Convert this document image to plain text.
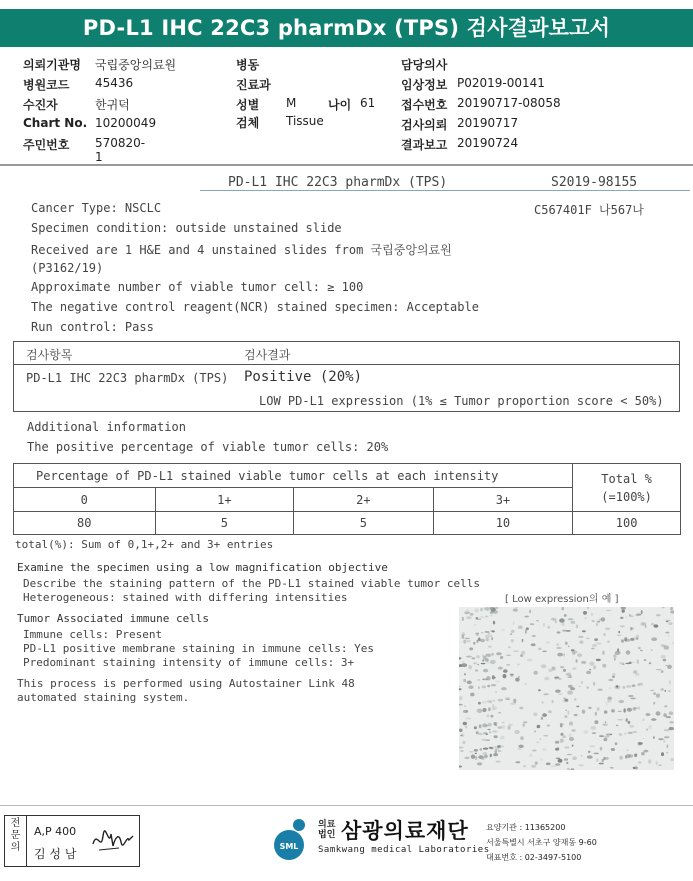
PD-L1 IHC 22C3 pharmDx (TPS) 검사결과보고서
의뢰기관명	국립중앙의료원
병원코드	45436
수진자	한귀덕
Chart No. 10200049
주민번호	570820-1
병동
진료과
성별 M	나이 61
검체 Tissue
담당의사
임상정보 P02019-00141
접수번호 20190717-08058
검사의뢰 20190717
결과보고 20190724
PD-L1 IHC 22C3 pharmDx (TPS)	S2019-98155
C567401F 나567나
Cancer Type: NSCLC
Specimen condition: outside unstained slide
Received are 1 H&E and 4 unstained slides from 국립중앙의료원
(P3162/19)
Approximate number of viable tumor cell: ≥ 100
The negative control reagent(NCR) stained specimen: Acceptable
Run control: Pass
검사항목	검사결과
PD-L1 IHC 22C3 pharmDx (TPS) Positive (20%)
LOW PD-L1 expression (1% ≤ Tumor proportion score < 50%)
Additional information
The positive percentage of viable tumor cells: 20%
Percentage of PD-L1 stained viable tumor cells at each intensity				Total %
(=100%)

0	1+	2+	3+	
80	5	5	10	100
total(%): Sum of 0,1+,2+ and 3+ entries
Examine the specimen using a low magnification objective
Describe the staining pattern of the PD-L1 stained viable tumor cells
Heterogeneous: stained with differing intensities
Tumor Associated immune cells
Immune cells: Present
PD-L1 positive membrane staining in immune cells: Yes
Predominant staining intensity of immune cells: 3+
This process is performed using Autostainer Link 48
automated staining system.
[ Low expression의 예 ]
전
문
의
A,P 400
김 성 남
SML
의료
법인 삼광의료재단
Samkwang medical Laboratories
요양기관 : 11365200
서울특별시 서초구 양재동 9-60
대표번호 : 02-3497-5100
